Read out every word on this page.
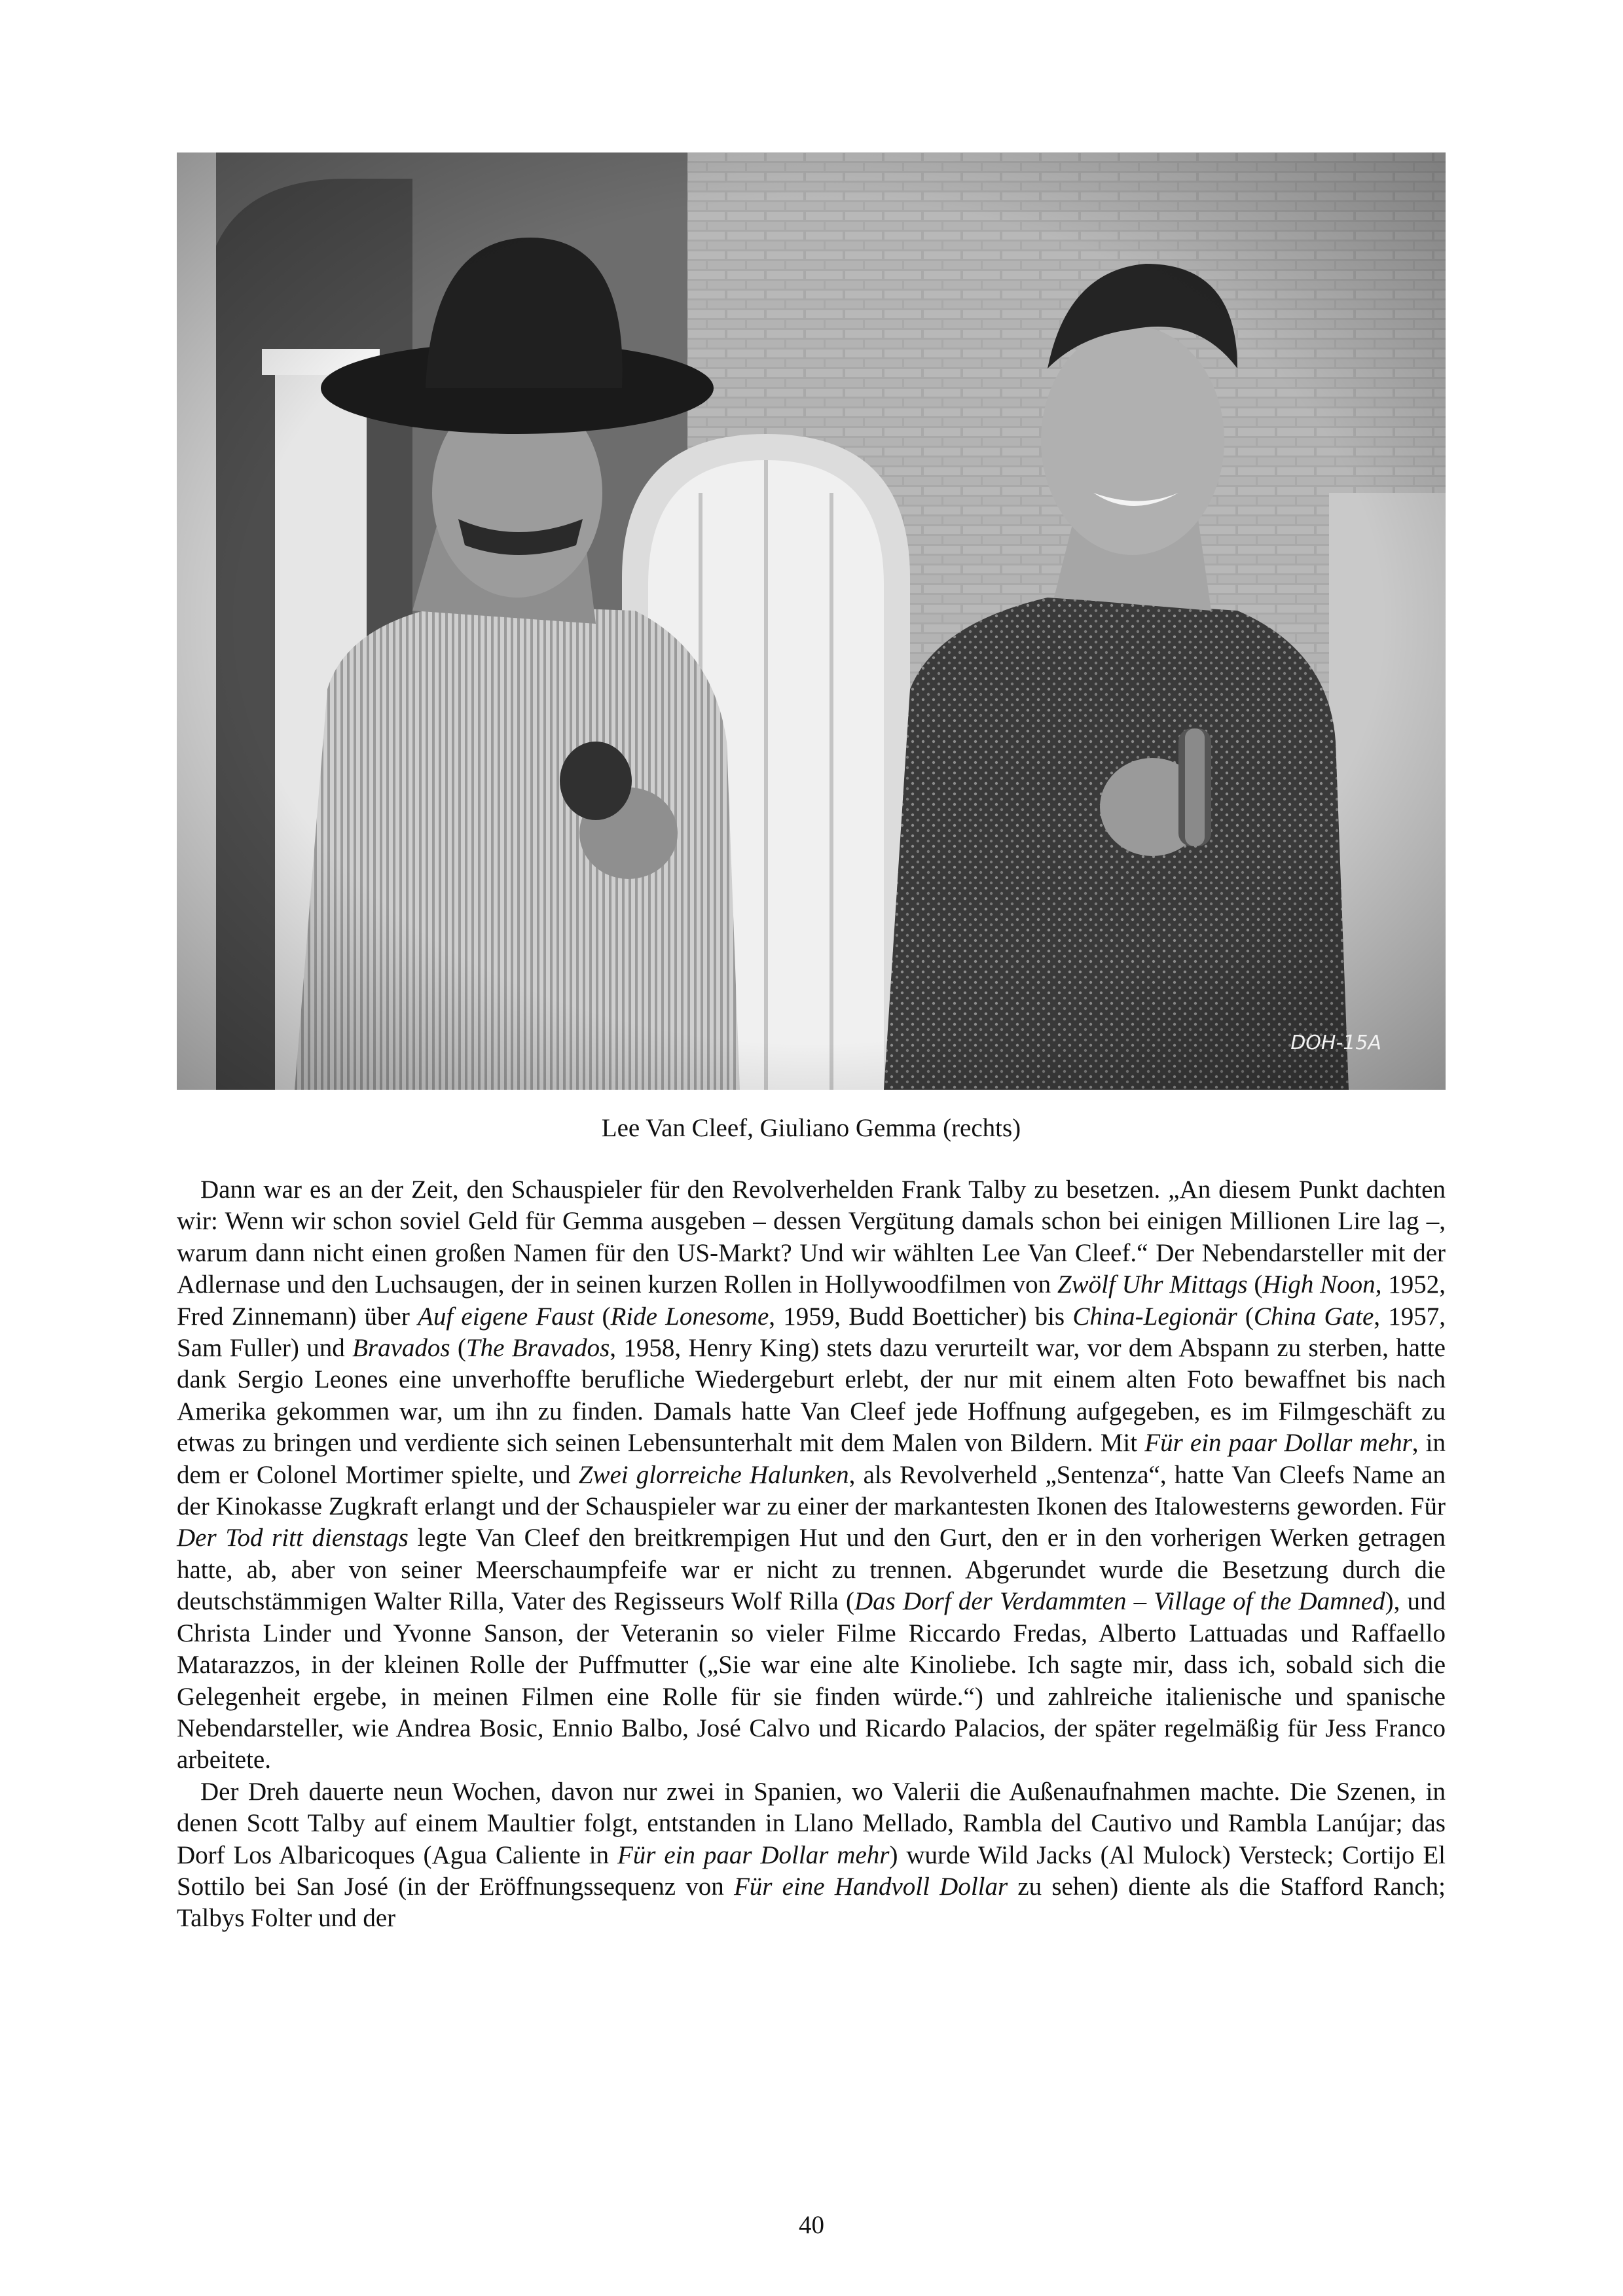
DOH-15A
Lee Van Cleef, Giuliano Gemma (rechts)

Dann war es an der Zeit, den Schauspieler für den Revolverhelden Frank Talby zu besetzen. „An diesem Punkt dachten wir: Wenn wir schon soviel Geld für Gemma ausgeben – dessen Vergütung damals schon bei einigen Millionen Lire lag –, warum dann nicht einen großen Namen für den US-Markt? Und wir wählten Lee Van Cleef.“ Der Nebendarsteller mit der Adlernase und den Luchsaugen, der in seinen kurzen Rollen in Hollywoodfilmen von Zwölf Uhr Mittags (High Noon, 1952, Fred Zinnemann) über Auf eigene Faust (Ride Lonesome, 1959, Budd Boetticher) bis China-Legionär (China Gate, 1957, Sam Fuller) und Bravados (The Bravados, 1958, Henry King) stets dazu verurteilt war, vor dem Abspann zu sterben, hatte dank Sergio Leones eine unverhoffte berufliche Wiedergeburt erlebt, der nur mit einem alten Foto bewaffnet bis nach Amerika gekommen war, um ihn zu finden. Damals hatte Van Cleef jede Hoffnung aufgegeben, es im Filmgeschäft zu etwas zu bringen und verdiente sich seinen Lebensunterhalt mit dem Malen von Bildern. Mit Für ein paar Dollar mehr, in dem er Colonel Mortimer spielte, und Zwei glorreiche Halunken, als Revolverheld „Sentenza“, hatte Van Cleefs Name an der Kinokasse Zugkraft erlangt und der Schauspieler war zu einer der markantesten Ikonen des Italowesterns geworden. Für Der Tod ritt dienstags legte Van Cleef den breitkrempigen Hut und den Gurt, den er in den vorherigen Werken getragen hatte, ab, aber von seiner Meerschaumpfeife war er nicht zu trennen. Abgerundet wurde die Besetzung durch die deutschstämmigen Walter Rilla, Vater des Regisseurs Wolf Rilla (Das Dorf der Verdammten – Village of the Damned), und Christa Linder und Yvonne Sanson, der Veteranin so vieler Filme Riccardo Fredas, Alberto Lattuadas und Raffaello Matarazzos, in der kleinen Rolle der Puffmutter („Sie war eine alte Kinoliebe. Ich sagte mir, dass ich, sobald sich die Gelegenheit ergebe, in meinen Filmen eine Rolle für sie finden würde.“) und zahlreiche italienische und spanische Nebendarsteller, wie Andrea Bosic, Ennio Balbo, José Calvo und Ricardo Palacios, der später regelmäßig für Jess Franco arbeitete.

Der Dreh dauerte neun Wochen, davon nur zwei in Spanien, wo Valerii die Außenaufnahmen machte. Die Szenen, in denen Scott Talby auf einem Maultier folgt, entstanden in Llano Mellado, Rambla del Cautivo und Rambla Lanújar; das Dorf Los Albaricoques (Agua Caliente in Für ein paar Dollar mehr) wurde Wild Jacks (Al Mulock) Versteck; Cortijo El Sottilo bei San José (in der Eröffnungssequenz von Für eine Handvoll Dollar zu sehen) diente als die Stafford Ranch; Talbys Folter und der

40
